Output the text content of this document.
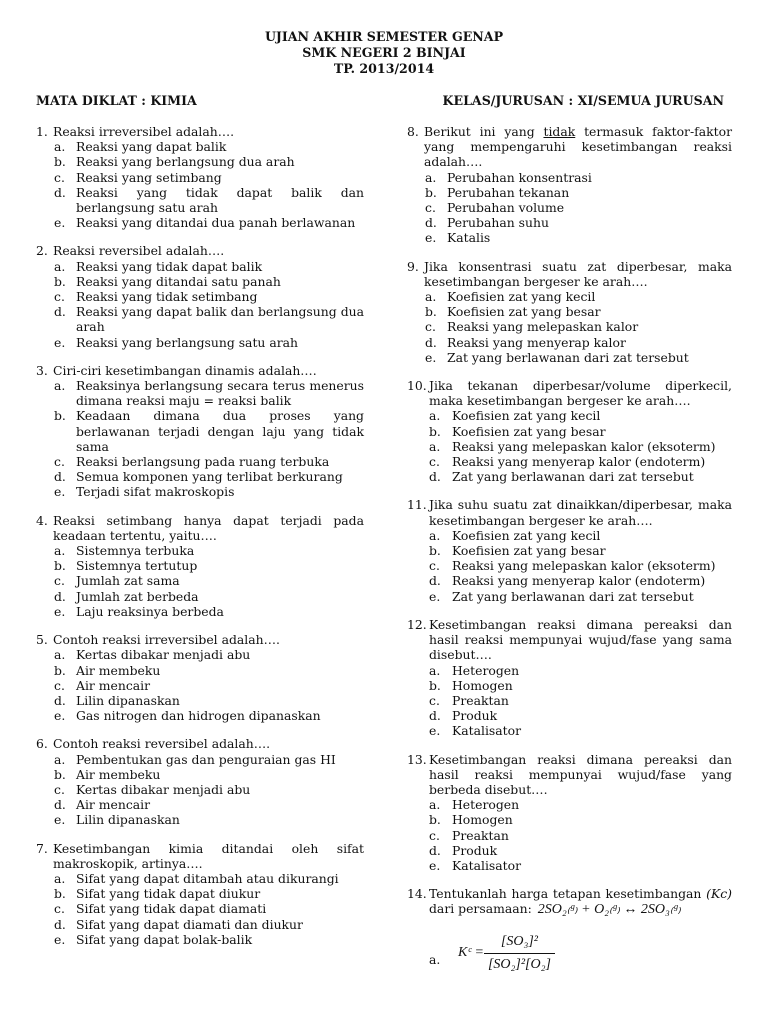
UJIAN AKHIR SEMESTER GENAP
SMK NEGERI 2 BINJAI
TP. 2013/2014
MATA DIKLAT : KIMIA	KELAS/JURUSAN : XI/SEMUA JURUSAN
1. Reaksi irreversibel adalah….
a. Reaksi yang dapat balik
b. Reaksi yang berlangsung dua arah
c. Reaksi yang setimbang
d. Reaksi yang tidak dapat balik dan berlangsung satu arah
e. Reaksi yang ditandai dua panah berlawanan
2. Reaksi reversibel adalah….
a. Reaksi yang tidak dapat balik
b. Reaksi yang ditandai satu panah
c. Reaksi yang tidak setimbang
d. Reaksi yang dapat balik dan berlangsung dua arah
e. Reaksi yang berlangsung satu arah
3. Ciri-ciri kesetimbangan dinamis adalah….
a. Reaksinya berlangsung secara terus menerus dimana reaksi maju = reaksi balik
b. Keadaan dimana dua proses yang berlawanan terjadi dengan laju yang tidak sama
c. Reaksi berlangsung pada ruang terbuka
d. Semua komponen yang terlibat berkurang
e. Terjadi sifat makroskopis
4. Reaksi setimbang hanya dapat terjadi pada keadaan tertentu, yaitu….
a. Sistemnya terbuka
b. Sistemnya tertutup
c. Jumlah zat sama
d. Jumlah zat berbeda
e. Laju reaksinya berbeda
5. Contoh reaksi irreversibel adalah….
a. Kertas dibakar menjadi abu
b. Air membeku
c. Air mencair
d. Lilin dipanaskan
e. Gas nitrogen dan hidrogen dipanaskan
6. Contoh reaksi reversibel adalah….
a. Pembentukan gas dan penguraian gas HI
b. Air membeku
c. Kertas dibakar menjadi abu
d. Air mencair
e. Lilin dipanaskan
7. Kesetimbangan kimia ditandai oleh sifat makroskopik, artinya….
a. Sifat yang dapat ditambah atau dikurangi
b. Sifat yang tidak dapat diukur
c. Sifat yang tidak dapat diamati
d. Sifat yang dapat diamati dan diukur
e. Sifat yang dapat bolak-balik
8. Berikut ini yang tidak termasuk faktor-faktor yang mempengaruhi kesetimbangan reaksi adalah….
a. Perubahan konsentrasi
b. Perubahan tekanan
c. Perubahan volume
d. Perubahan suhu
e. Katalis
9. Jika konsentrasi suatu zat diperbesar, maka kesetimbangan bergeser ke arah….
a. Koefisien zat yang kecil
b. Koefisien zat yang besar
c. Reaksi yang melepaskan kalor
d. Reaksi yang menyerap kalor
e. Zat yang berlawanan dari zat tersebut
10. Jika tekanan diperbesar/volume diperkecil, maka kesetimbangan bergeser ke arah….
a. Koefisien zat yang kecil
b. Koefisien zat yang besar
a. Reaksi yang melepaskan kalor (eksoterm)
c. Reaksi yang menyerap kalor (endoterm)
d. Zat yang berlawanan dari zat tersebut
11. Jika suhu suatu zat dinaikkan/diperbesar, maka kesetimbangan bergeser ke arah….
a. Koefisien zat yang kecil
b. Koefisien zat yang besar
c. Reaksi yang melepaskan kalor (eksoterm)
d. Reaksi yang menyerap kalor (endoterm)
e. Zat yang berlawanan dari zat tersebut
12. Kesetimbangan reaksi dimana pereaksi dan hasil reaksi mempunyai wujud/fase yang sama disebut….
a. Heterogen
b. Homogen
c. Preaktan
d. Produk
e. Katalisator
13. Kesetimbangan reaksi dimana pereaksi dan hasil reaksi mempunyai wujud/fase yang berbeda disebut….
a. Heterogen
b. Homogen
c. Preaktan
d. Produk
e. Katalisator
14. Tentukanlah harga tetapan kesetimbangan (Kc) dari persamaan: 2SO₂₍ᵍ₎ + O₂₍ᵍ₎ ↔ 2SO₃₍ᵍ₎
a. Kᶜ = $\frac{\text{[SO₃]²}}{\text{[SO₂]²[O₂]}}$
